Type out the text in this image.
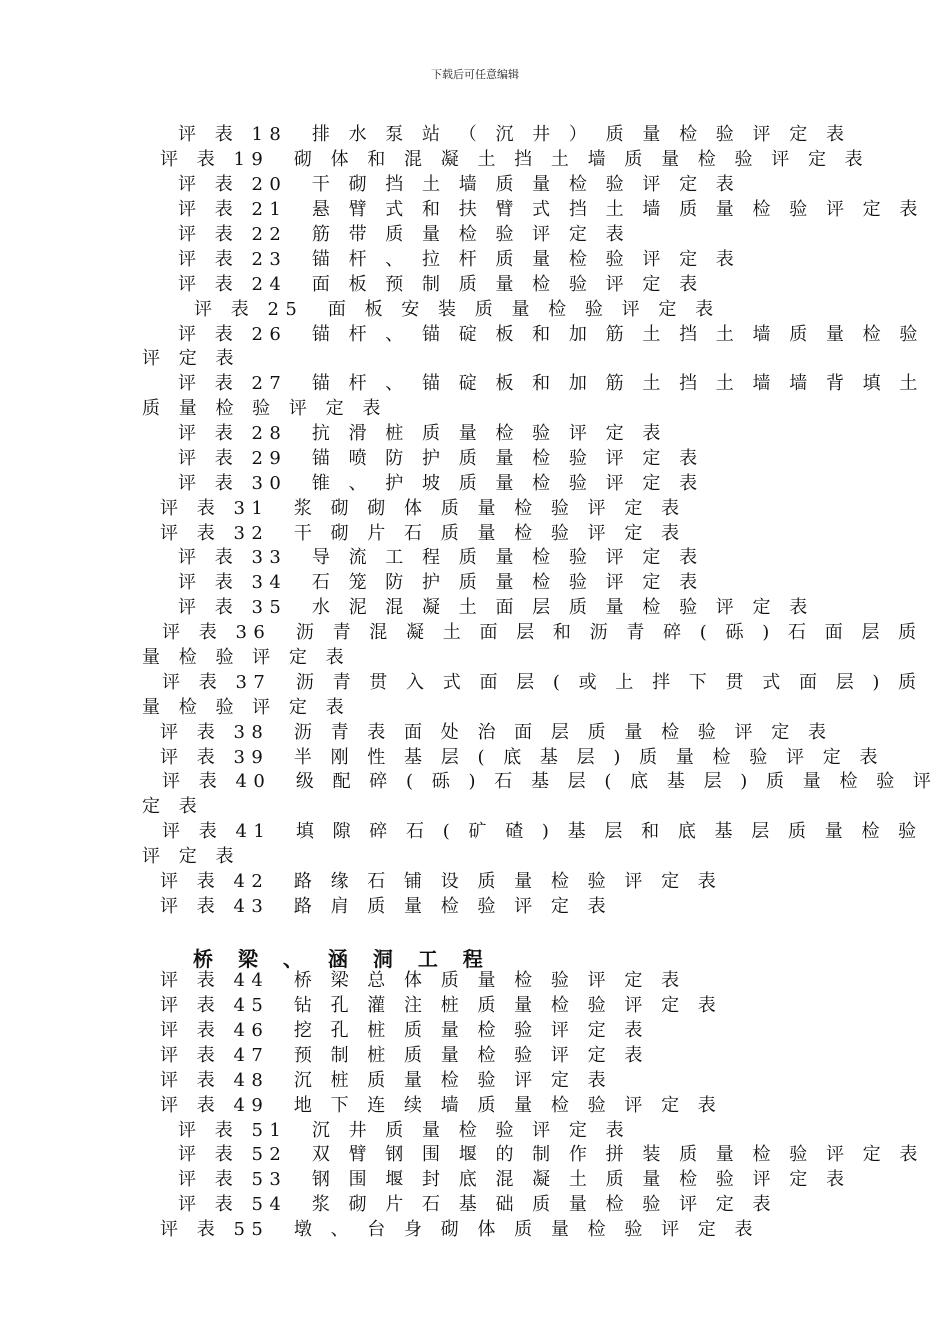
下载后可任意编辑
评 表 18　排 水 泵 站 （ 沉 井 ） 质 量 检 验 评 定 表
评 表 19　砌 体 和 混 凝 土 挡 土 墙 质 量 检 验 评 定 表
评 表 20　干 砌 挡 土 墙 质 量 检 验 评 定 表
评 表 21　悬 臂 式 和 扶 臂 式 挡 土 墙 质 量 检 验 评 定 表
评 表 22　筋 带 质 量 检 验 评 定 表
评 表 23　锚 杆 、 拉 杆 质 量 检 验 评 定 表
评 表 24　面 板 预 制 质 量 检 验 评 定 表
评 表 25　面 板 安 装 质 量 检 验 评 定 表
评 表 26　锚 杆 、 锚 碇 板 和 加 筋 土 挡 土 墙 质 量 检 验
评 定 表
评 表 27　锚 杆 、 锚 碇 板 和 加 筋 土 挡 土 墙 墙 背 填 土
质 量 检 验 评 定 表
评 表 28　抗 滑 桩 质 量 检 验 评 定 表
评 表 29　锚 喷 防 护 质 量 检 验 评 定 表
评 表 30　锥 、 护 坡 质 量 检 验 评 定 表
评 表 31　浆 砌 砌 体 质 量 检 验 评 定 表
评 表 32　干 砌 片 石 质 量 检 验 评 定 表
评 表 33　导 流 工 程 质 量 检 验 评 定 表
评 表 34　石 笼 防 护 质 量 检 验 评 定 表
评 表 35　水 泥 混 凝 土 面 层 质 量 检 验 评 定 表
评 表 36　沥 青 混 凝 土 面 层 和 沥 青 碎 ( 砾 ) 石 面 层 质
量 检 验 评 定 表
评 表 37　沥 青 贯 入 式 面 层 ( 或 上 拌 下 贯 式 面 层 ) 质
量 检 验 评 定 表
评 表 38　沥 青 表 面 处 治 面 层 质 量 检 验 评 定 表
评 表 39　半 刚 性 基 层 ( 底 基 层 ) 质 量 检 验 评 定 表
评 表 40　级 配 碎 ( 砾 ) 石 基 层 ( 底 基 层 ) 质 量 检 验 评
定 表
评 表 41　填 隙 碎 石 ( 矿 碴 ) 基 层 和 底 基 层 质 量 检 验
评 定 表
评 表 42　路 缘 石 铺 设 质 量 检 验 评 定 表
评 表 43　路 肩 质 量 检 验 评 定 表
桥 梁 、 涵 洞 工 程
评 表 44　桥 梁 总 体 质 量 检 验 评 定 表
评 表 45　钻 孔 灌 注 桩 质 量 检 验 评 定 表
评 表 46　挖 孔 桩 质 量 检 验 评 定 表
评 表 47　预 制 桩 质 量 检 验 评 定 表
评 表 48　沉 桩 质 量 检 验 评 定 表
评 表 49　地 下 连 续 墙 质 量 检 验 评 定 表
评 表 51　沉 井 质 量 检 验 评 定 表
评 表 52　双 臂 钢 围 堰 的 制 作 拼 装 质 量 检 验 评 定 表
评 表 53　钢 围 堰 封 底 混 凝 土 质 量 检 验 评 定 表
评 表 54　浆 砌 片 石 基 础 质 量 检 验 评 定 表
评 表 55　墩 、 台 身 砌 体 质 量 检 验 评 定 表
